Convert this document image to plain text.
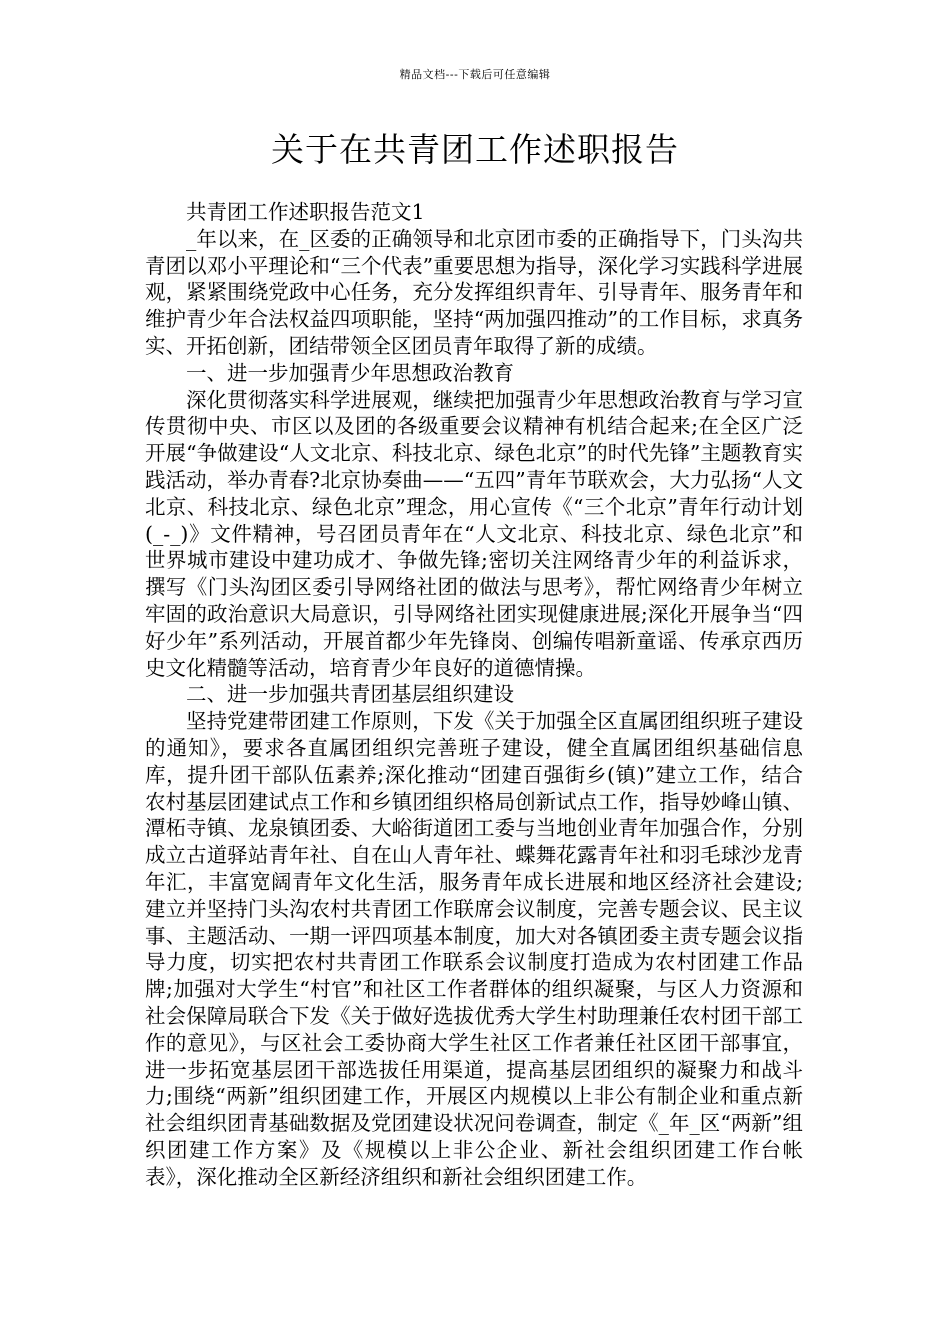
精品文档---下载后可任意编辑
关于在共青团工作述职报告

共青团工作述职报告范文1

_年以来，在_区委的正确领导和北京团市委的正确指导下，门头沟共青团以邓小平理论和“三个代表”重要思想为指导，深化学习实践科学进展观，紧紧围绕党政中心任务，充分发挥组织青年、引导青年、服务青年和维护青少年合法权益四项职能，坚持“两加强四推动”的工作目标，求真务实、开拓创新，团结带领全区团员青年取得了新的成绩。

一、进一步加强青少年思想政治教育

深化贯彻落实科学进展观，继续把加强青少年思想政治教育与学习宣传贯彻中央、市区以及团的各级重要会议精神有机结合起来;在全区广泛开展“争做建设“人文北京、科技北京、绿色北京”的时代先锋”主题教育实践活动，举办青春?北京协奏曲——“五四”青年节联欢会，大力弘扬“人文北京、科技北京、绿色北京”理念，用心宣传《“三个北京”青年行动计划(_-_)》文件精神，号召团员青年在“人文北京、科技北京、绿色北京”和世界城市建设中建功成才、争做先锋;密切关注网络青少年的利益诉求，撰写《门头沟团区委引导网络社团的做法与思考》，帮忙网络青少年树立牢固的政治意识大局意识，引导网络社团实现健康进展;深化开展争当“四好少年”系列活动，开展首都少年先锋岗、创编传唱新童谣、传承京西历史文化精髓等活动，培育青少年良好的道德情操。

二、进一步加强共青团基层组织建设

坚持党建带团建工作原则，下发《关于加强全区直属团组织班子建设的通知》，要求各直属团组织完善班子建设，健全直属团组织基础信息库，提升团干部队伍素养;深化推动“团建百强街乡(镇)”建立工作，结合农村基层团建试点工作和乡镇团组织格局创新试点工作，指导妙峰山镇、潭柘寺镇、龙泉镇团委、大峪街道团工委与当地创业青年加强合作，分别成立古道驿站青年社、自在山人青年社、蝶舞花露青年社和羽毛球沙龙青年汇，丰富宽阔青年文化生活，服务青年成长进展和地区经济社会建设;建立并坚持门头沟农村共青团工作联席会议制度，完善专题会议、民主议事、主题活动、一期一评四项基本制度，加大对各镇团委主责专题会议指导力度，切实把农村共青团工作联系会议制度打造成为农村团建工作品牌;加强对大学生“村官”和社区工作者群体的组织凝聚，与区人力资源和社会保障局联合下发《关于做好选拔优秀大学生村助理兼任农村团干部工作的意见》，与区社会工委协商大学生社区工作者兼任社区团干部事宜，进一步拓宽基层团干部选拔任用渠道，提高基层团组织的凝聚力和战斗力;围绕“两新”组织团建工作，开展区内规模以上非公有制企业和重点新社会组织团青基础数据及党团建设状况问卷调查，制定《_年_区“两新”组织团建工作方案》及《规模以上非公企业、新社会组织团建工作台帐表》，深化推动全区新经济组织和新社会组织团建工作。
